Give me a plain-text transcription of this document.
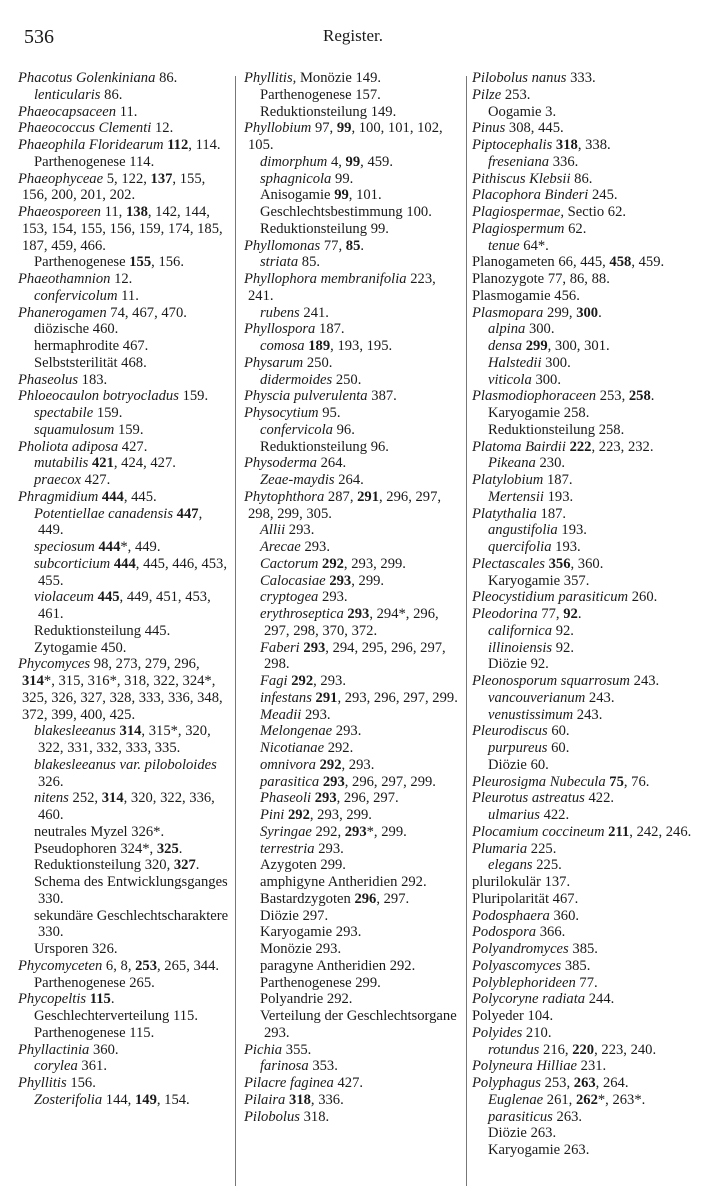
536	Register.
Phacotus Golenkiniana 86.
lenticularis 86.
Phaeocapsaceen 11.
Phaeococcus Clementi 12.
Phaeophila Floridearum 112, 114.
Parthenogenese 114.
Phaeophyceae 5, 122, 137, 155, 156, 200, 201, 202.
Phaeosporeen 11, 138, 142, 144, 153, 154, 155, 156, 159, 174, 185, 187, 459, 466.
Parthenogenese 155, 156.
Phaeothamnion 12.
confervicolum 11.
Phanerogamen 74, 467, 470.
diözische 460.
hermaphrodite 467.
Selbststerilität 468.
Phaseolus 183.
Phloeocaulon botryocladus 159.
spectabile 159.
squamulosum 159.
Pholiota adiposa 427.
mutabilis 421, 424, 427.
praecox 427.
Phragmidium 444, 445.
Potentiellae canadensis 447, 449.
speciosum 444*, 449.
subcorticium 444, 445, 446, 453, 455.
violaceum 445, 449, 451, 453, 461.
Reduktionsteilung 445.
Zytogamie 450.
Phycomyces 98, 273, 279, 296, 314*, 315, 316*, 318, 322, 324*, 325, 326, 327, 328, 333, 336, 348, 372, 399, 400, 425.
blakesleeanus 314, 315*, 320, 322, 331, 332, 333, 335.
blakesleeanus var. piloboloides 326.
nitens 252, 314, 320, 322, 336, 460.
neutrales Myzel 326*.
Pseudophoren 324*, 325.
Reduktionsteilung 320, 327.
Schema des Entwicklungsganges 330.
sekundäre Geschlechtscharaktere 330.
Ursporen 326.
Phycomyceten 6, 8, 253, 265, 344.
Parthenogenese 265.
Phycopeltis 115.
Geschlechterverteilung 115.
Parthenogenese 115.
Phyllactinia 360.
corylea 361.
Phyllitis 156.
Zosterifolia 144, 149, 154.
Phyllitis, Monözie 149.
Parthenogenese 157.
Reduktionsteilung 149.
Phyllobium 97, 99, 100, 101, 102, 105.
dimorphum 4, 99, 459.
sphagnicola 99.
Anisogamie 99, 101.
Geschlechtsbestimmung 100.
Reduktionsteilung 99.
Phyllomonas 77, 85.
striata 85.
Phyllophora membranifolia 223, 241.
rubens 241.
Phyllospora 187.
comosa 189, 193, 195.
Physarum 250.
didermoides 250.
Physcia pulverulenta 387.
Physocytium 95.
confervicola 96.
Reduktionsteilung 96.
Physoderma 264.
Zeae-maydis 264.
Phytophthora 287, 291, 296, 297, 298, 299, 305.
Allii 293.
Arecae 293.
Cactorum 292, 293, 299.
Calocasiae 293, 299.
cryptogea 293.
erythroseptica 293, 294*, 296, 297, 298, 370, 372.
Faberi 293, 294, 295, 296, 297, 298.
Fagi 292, 293.
infestans 291, 293, 296, 297, 299.
Meadii 293.
Melongenae 293.
Nicotianae 292.
omnivora 292, 293.
parasitica 293, 296, 297, 299.
Phaseoli 293, 296, 297.
Pini 292, 293, 299.
Syringae 292, 293*, 299.
terrestria 293.
Azygoten 299.
amphigyne Antheridien 292.
Bastardzygoten 296, 297.
Diözie 297.
Karyogamie 293.
Monözie 293.
paragyne Antheridien 292.
Parthenogenese 299.
Polyandrie 292.
Verteilung der Geschlechtsorgane 293.
Pichia 355.
farinosa 353.
Pilacre faginea 427.
Pilaira 318, 336.
Pilobolus 318.
Pilobolus nanus 333.
Pilze 253.
Oogamie 3.
Pinus 308, 445.
Piptocephalis 318, 338.
fresеniana 336.
Pithiscus Klebsii 86.
Placophora Binderi 245.
Plagiospermae, Sectio 62.
Plagiospermum 62.
tenue 64*.
Planogameten 66, 445, 458, 459.
Planozygote 77, 86, 88.
Plasmogamie 456.
Plasmopara 299, 300.
alpina 300.
densa 299, 300, 301.
Halstedii 300.
viticola 300.
Plasmodiophoraceen 253, 258.
Karyogamie 258.
Reduktionsteilung 258.
Platoma Bairdii 222, 223, 232.
Pikeana 230.
Platylobium 187.
Mertensii 193.
Platythalia 187.
angustifolia 193.
quercifolia 193.
Plectascales 356, 360.
Karyogamie 357.
Pleocystidium parasiticum 260.
Pleodorina 77, 92.
californica 92.
illinoiensis 92.
Diözie 92.
Pleonosporum squarrosum 243.
vancouverianum 243.
venustissimum 243.
Pleurodiscus 60.
purpureus 60.
Diözie 60.
Pleurosigma Nubecula 75, 76.
Pleurotus astreatus 422.
ulmarius 422.
Plocamium coccineum 211, 242, 246.
Plumaria 225.
elegans 225.
plurilokulär 137.
Pluripolarität 467.
Podosphaera 360.
Podospora 366.
Polyandromyces 385.
Polyascomyces 385.
Polyblephorideen 77.
Polycoryne radiata 244.
Polyeder 104.
Polyides 210.
rotundus 216, 220, 223, 240.
Polyneura Hilliae 231.
Polyphagus 253, 263, 264.
Euglenae 261, 262*, 263*.
parasiticus 263.
Diözie 263.
Karyogamie 263.
